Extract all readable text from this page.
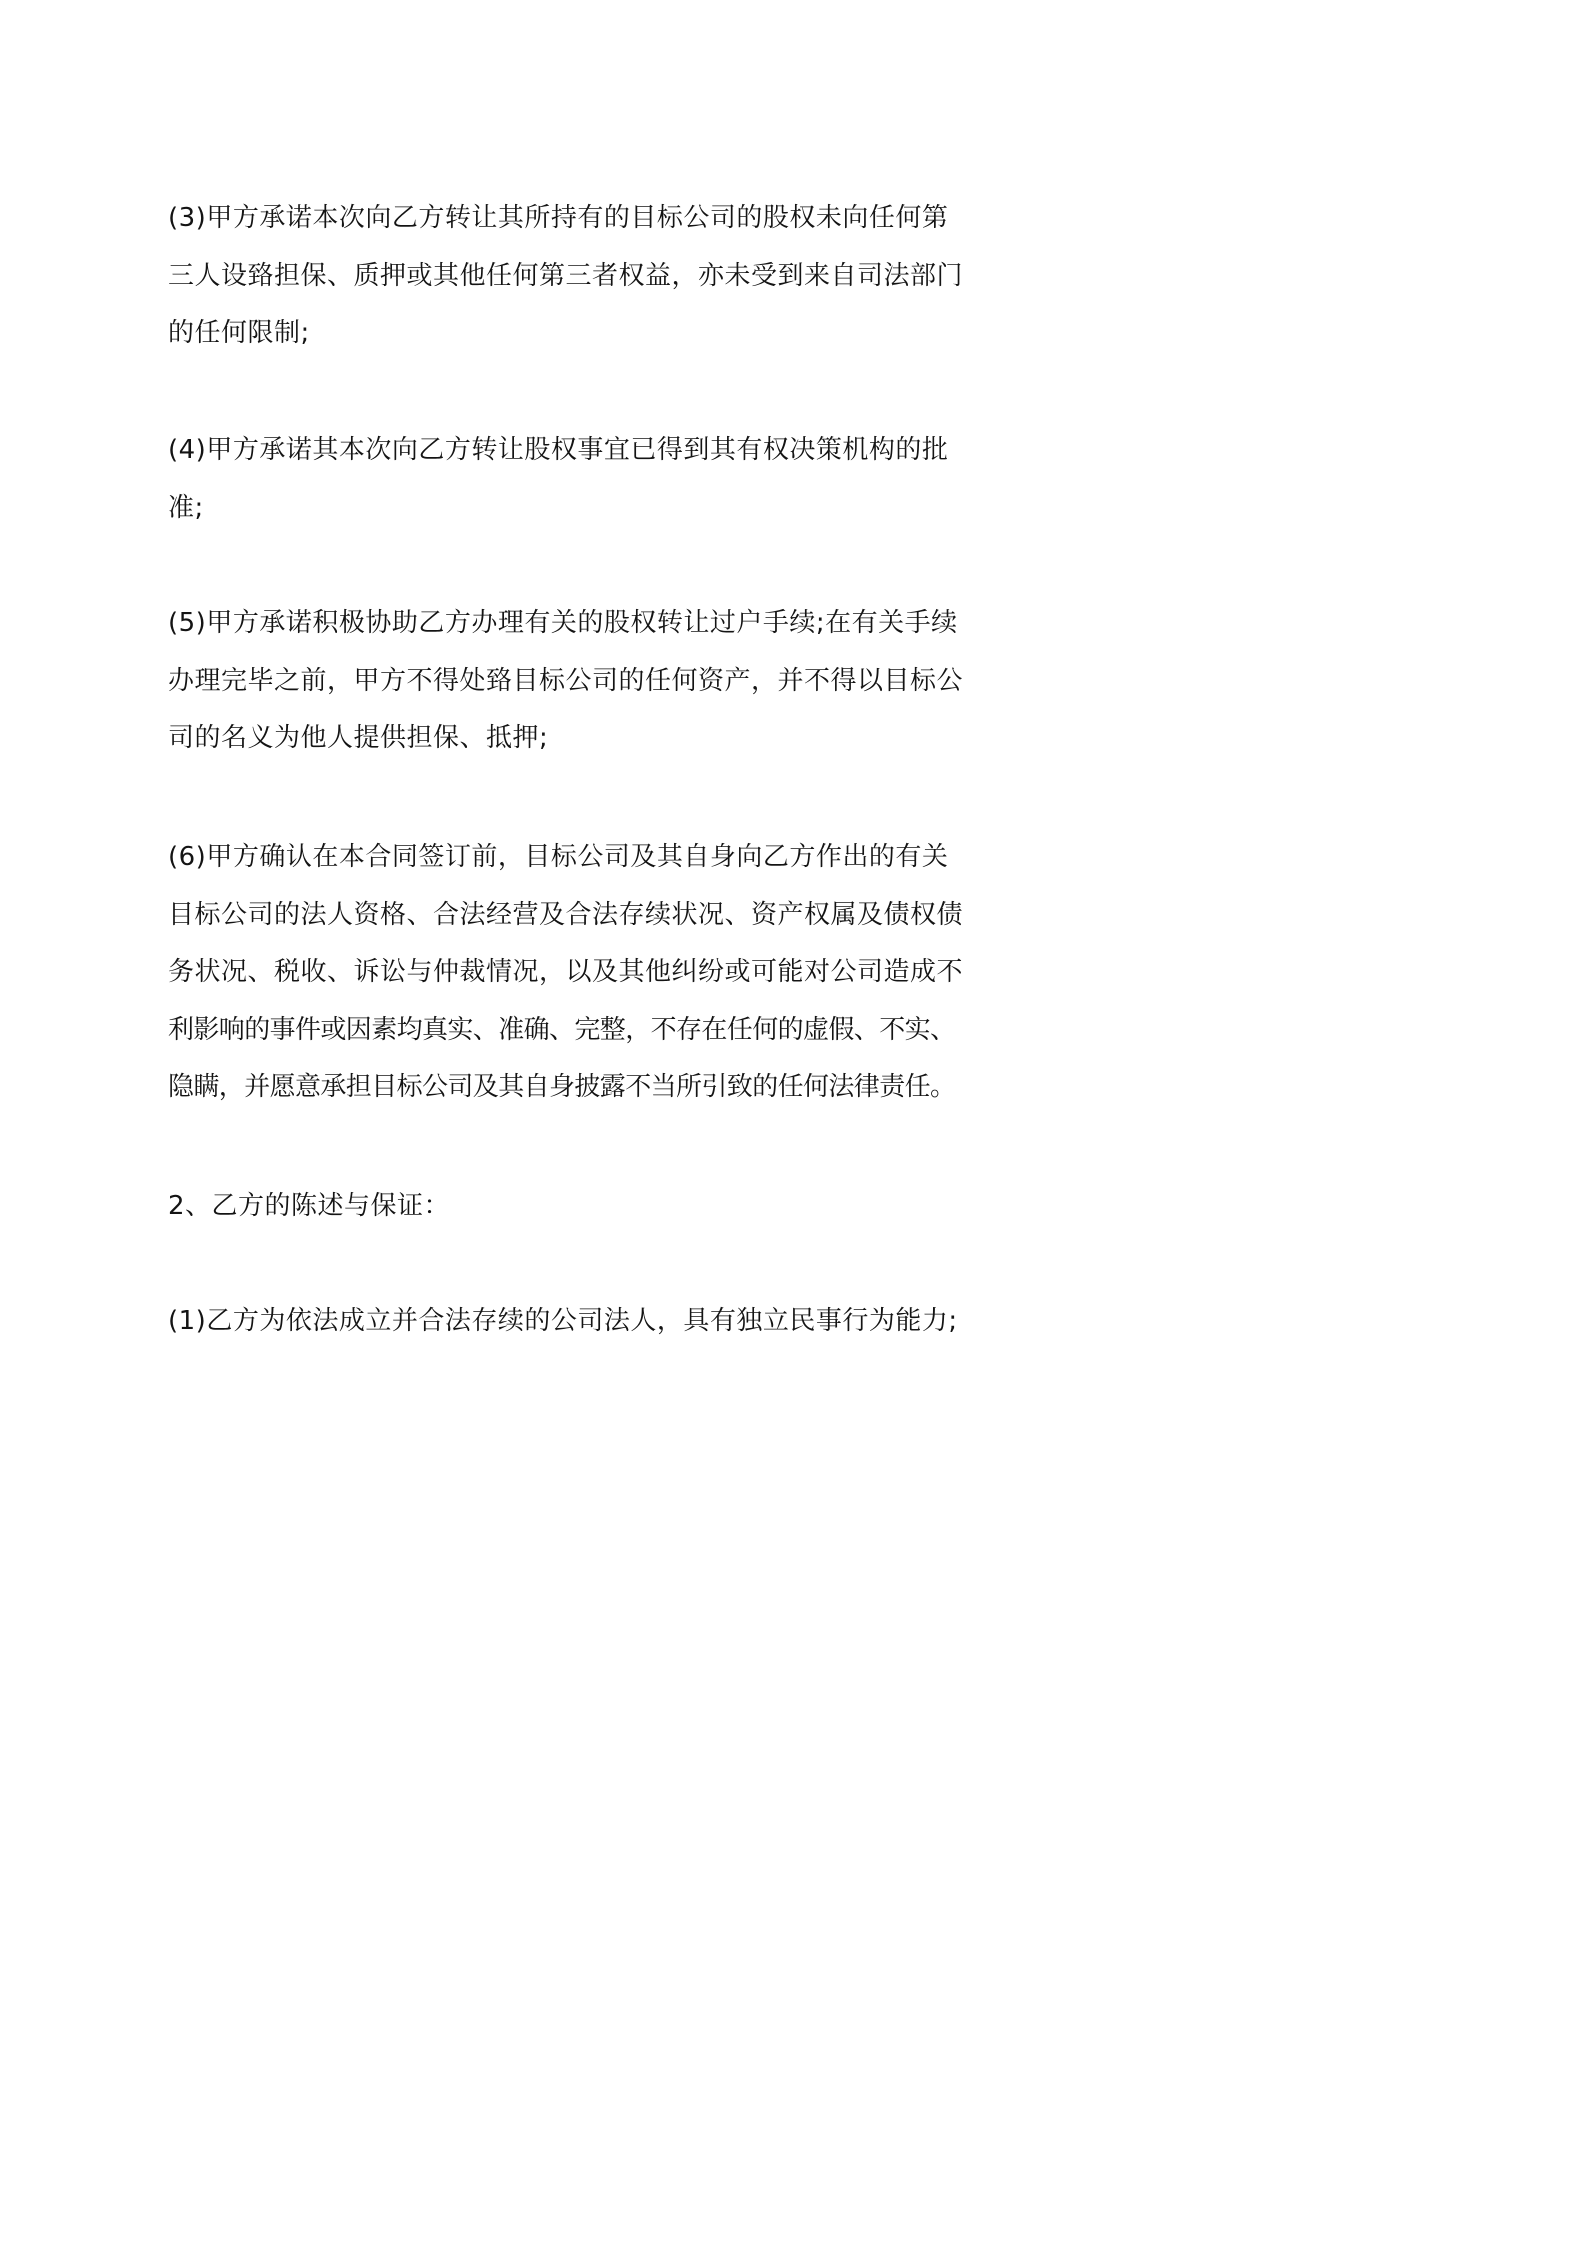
(3)甲方承诺本次向乙方转让其所持有的目标公司的股权未向任何第
三人设臵担保、质押或其他任何第三者权益，亦未受到来自司法部门
的任何限制;

(4)甲方承诺其本次向乙方转让股权事宜已得到其有权决策机构的批
准;

(5)甲方承诺积极协助乙方办理有关的股权转让过户手续;在有关手续
办理完毕之前，甲方不得处臵目标公司的任何资产，并不得以目标公
司的名义为他人提供担保、抵押;

(6)甲方确认在本合同签订前，目标公司及其自身向乙方作出的有关
目标公司的法人资格、合法经营及合法存续状况、资产权属及债权债
务状况、税收、诉讼与仲裁情况，以及其他纠纷或可能对公司造成不
利影响的事件或因素均真实、准确、完整，不存在任何的虚假、不实、
隐瞒，并愿意承担目标公司及其自身披露不当所引致的任何法律责任。

2、乙方的陈述与保证：

(1)乙方为依法成立并合法存续的公司法人，具有独立民事行为能力;
